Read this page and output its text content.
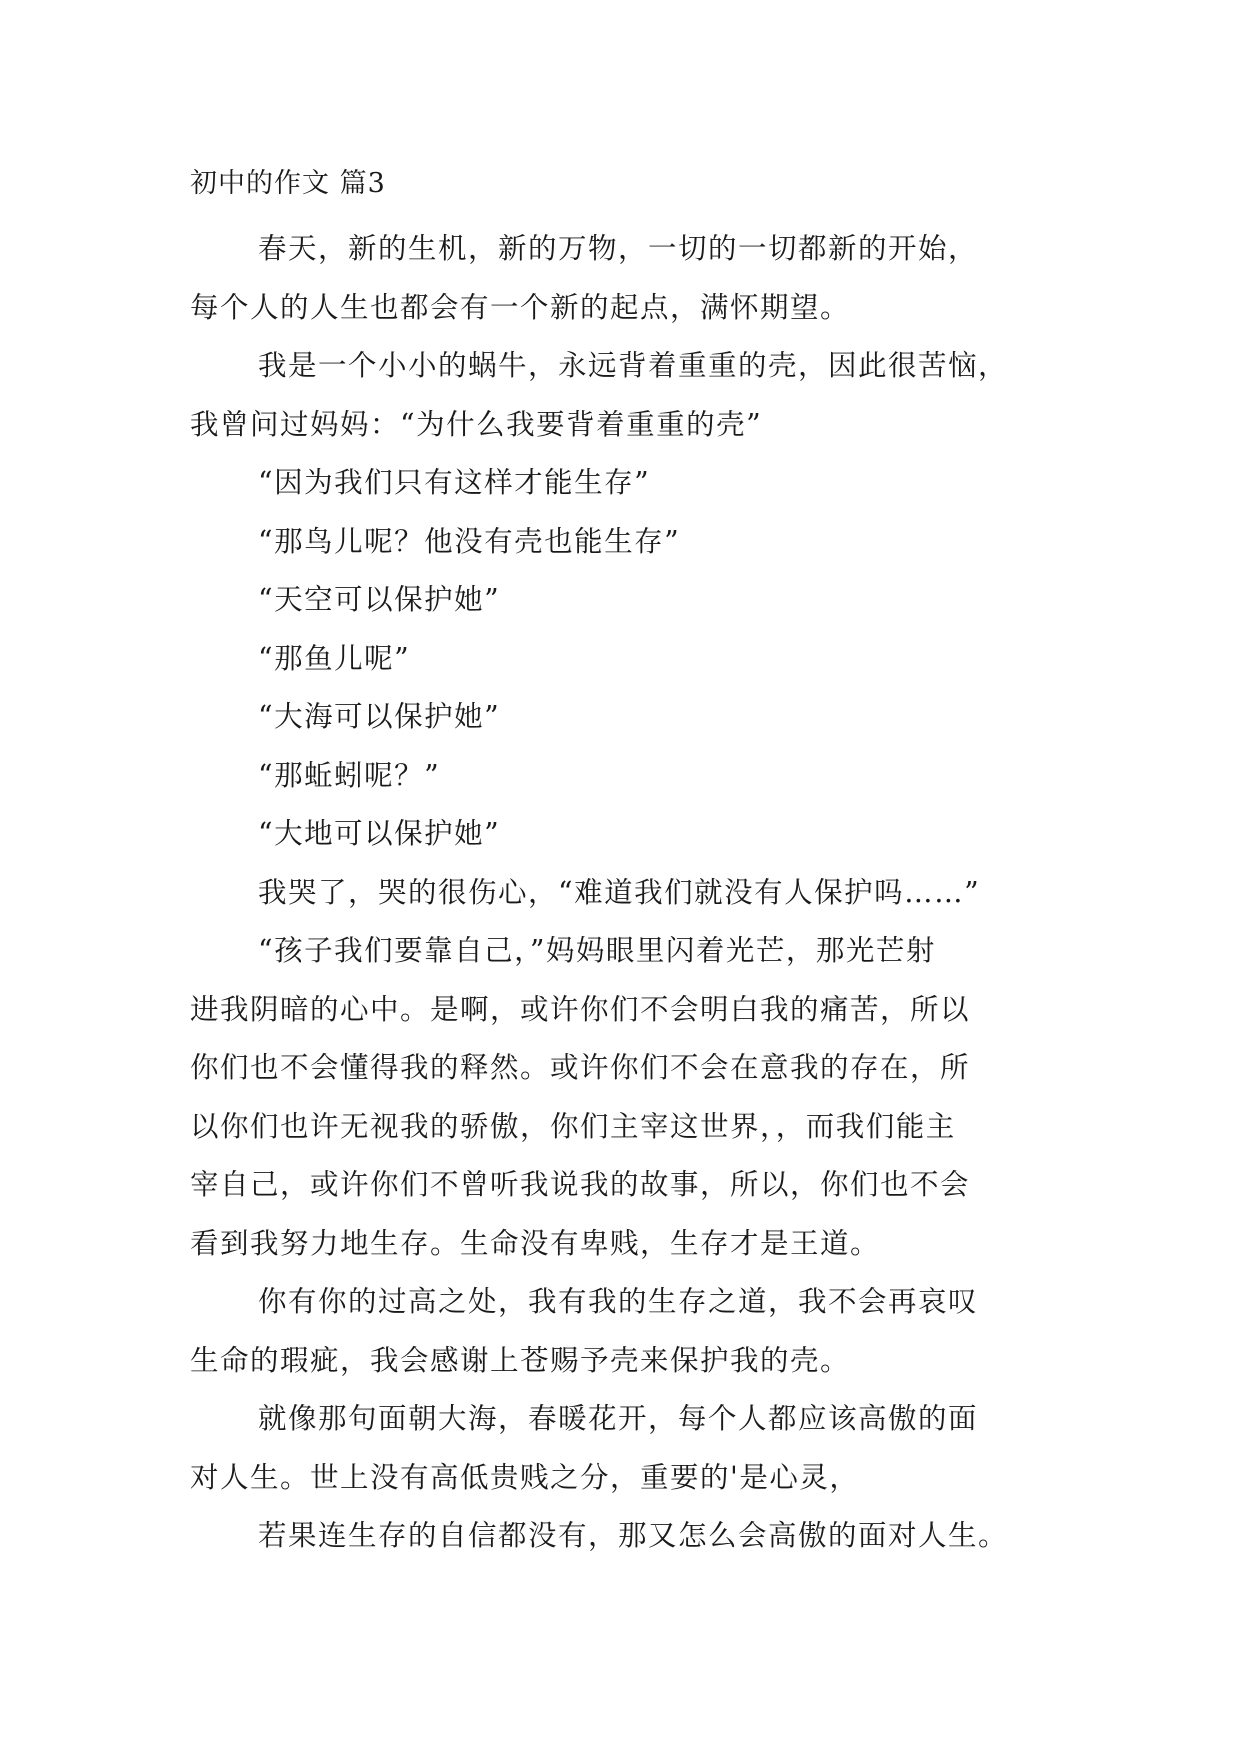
初中的作文 篇3

春天，新的生机，新的万物，一切的一切都新的开始，
每个人的人生也都会有一个新的起点，满怀期望。

我是一个小小的蜗牛，永远背着重重的壳，因此很苦恼，
我曾问过妈妈：“为什么我要背着重重的壳”

“因为我们只有这样才能生存”

“那鸟儿呢？他没有壳也能生存”

“天空可以保护她”

“那鱼儿呢”

“大海可以保护她”

“那蚯蚓呢？”

“大地可以保护她”

我哭了，哭的很伤心，“难道我们就没有人保护吗……”

“孩子我们要靠自己，”妈妈眼里闪着光芒，那光芒射
进我阴暗的心中。是啊，或许你们不会明白我的痛苦，所以
你们也不会懂得我的释然。或许你们不会在意我的存在，所
以你们也许无视我的骄傲，你们主宰这世界，，而我们能主
宰自己，或许你们不曾听我说我的故事，所以，你们也不会
看到我努力地生存。生命没有卑贱，生存才是王道。

你有你的过高之处，我有我的生存之道，我不会再哀叹
生命的瑕疵，我会感谢上苍赐予壳来保护我的壳。

就像那句面朝大海，春暖花开，每个人都应该高傲的面
对人生。世上没有高低贵贱之分，重要的'是心灵，

若果连生存的自信都没有，那又怎么会高傲的面对人生。
